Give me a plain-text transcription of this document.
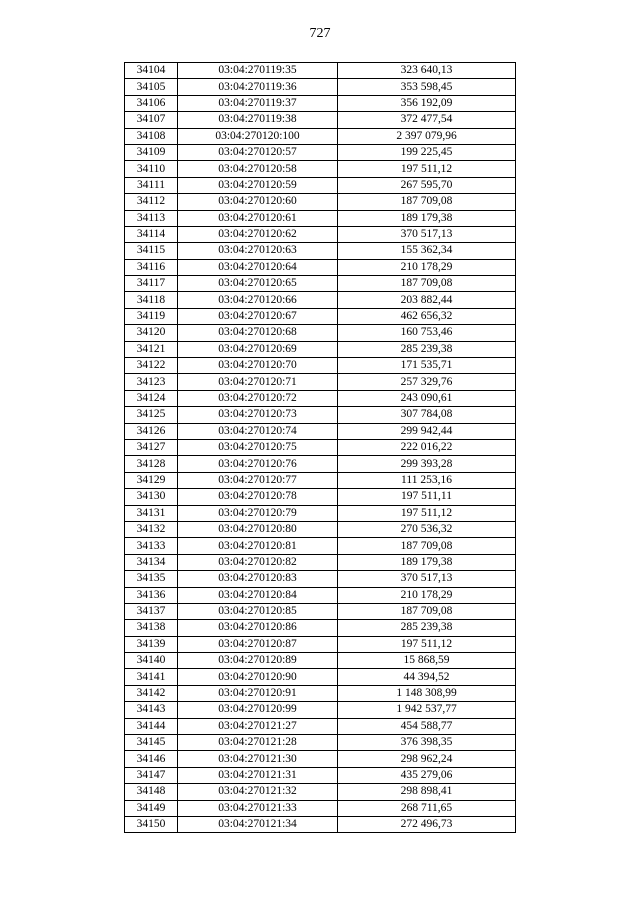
727
34104	03:04:270119:35	323 640,13
34105	03:04:270119:36	353 598,45
34106	03:04:270119:37	356 192,09
34107	03:04:270119:38	372 477,54
34108	03:04:270120:100	2 397 079,96
34109	03:04:270120:57	199 225,45
34110	03:04:270120:58	197 511,12
34111	03:04:270120:59	267 595,70
34112	03:04:270120:60	187 709,08
34113	03:04:270120:61	189 179,38
34114	03:04:270120:62	370 517,13
34115	03:04:270120:63	155 362,34
34116	03:04:270120:64	210 178,29
34117	03:04:270120:65	187 709,08
34118	03:04:270120:66	203 882,44
34119	03:04:270120:67	462 656,32
34120	03:04:270120:68	160 753,46
34121	03:04:270120:69	285 239,38
34122	03:04:270120:70	171 535,71
34123	03:04:270120:71	257 329,76
34124	03:04:270120:72	243 090,61
34125	03:04:270120:73	307 784,08
34126	03:04:270120:74	299 942,44
34127	03:04:270120:75	222 016,22
34128	03:04:270120:76	299 393,28
34129	03:04:270120:77	111 253,16
34130	03:04:270120:78	197 511,11
34131	03:04:270120:79	197 511,12
34132	03:04:270120:80	270 536,32
34133	03:04:270120:81	187 709,08
34134	03:04:270120:82	189 179,38
34135	03:04:270120:83	370 517,13
34136	03:04:270120:84	210 178,29
34137	03:04:270120:85	187 709,08
34138	03:04:270120:86	285 239,38
34139	03:04:270120:87	197 511,12
34140	03:04:270120:89	15 868,59
34141	03:04:270120:90	44 394,52
34142	03:04:270120:91	1 148 308,99
34143	03:04:270120:99	1 942 537,77
34144	03:04:270121:27	454 588,77
34145	03:04:270121:28	376 398,35
34146	03:04:270121:30	298 962,24
34147	03:04:270121:31	435 279,06
34148	03:04:270121:32	298 898,41
34149	03:04:270121:33	268 711,65
34150	03:04:270121:34	272 496,73
